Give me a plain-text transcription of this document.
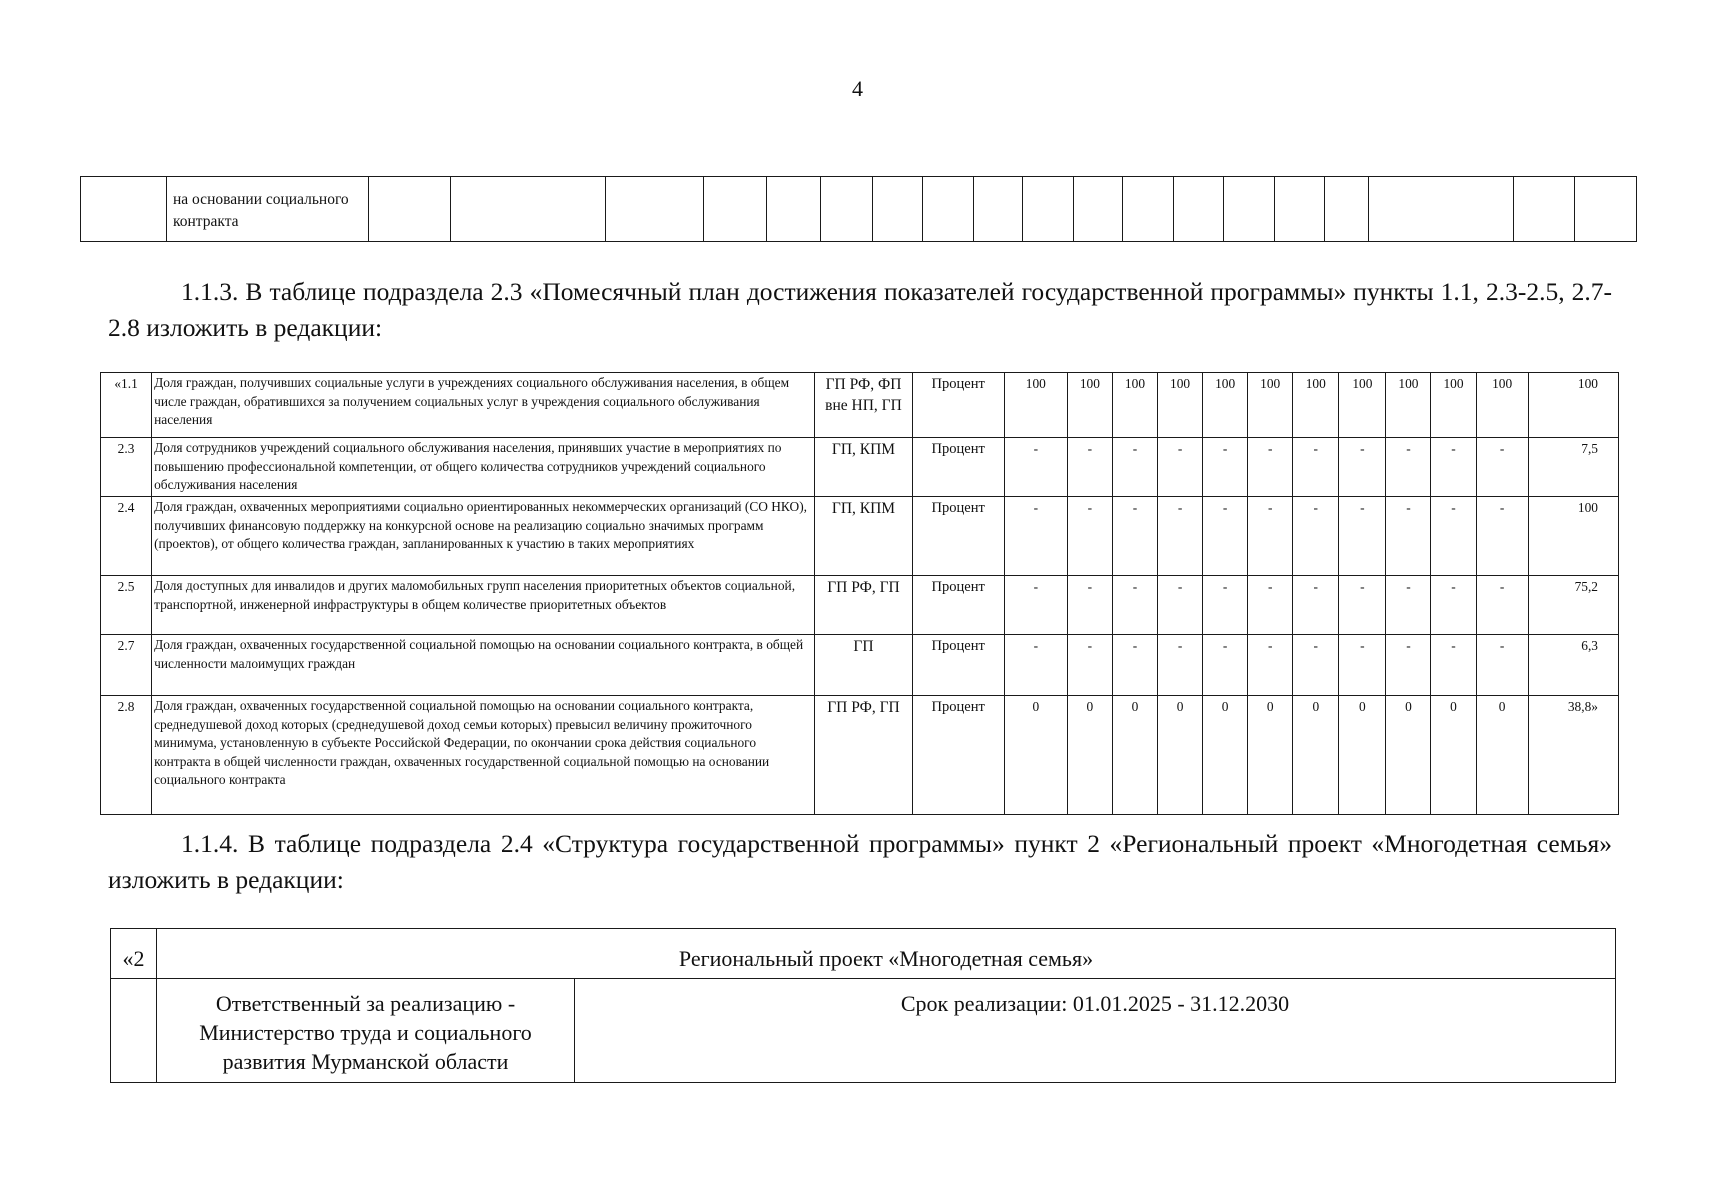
4

на основании социального контракта

1.1.3. В таблице подраздела 2.3 «Помесячный план достижения показателей государственной программы» пункты 1.1, 2.3-2.5, 2.7-2.8 изложить в редакции:
«1.1	Доля граждан, получивших социальные услуги в учреждениях социального обслуживания населения, в общем числе граждан, обратившихся за получением социальных услуг в учреждения социального обслуживания населения	ГП РФ, ФП вне НП, ГП	Процент	100	100	100	100	100	100	100	100	100	100	100	100
2.3	Доля сотрудников учреждений социального обслуживания населения, принявших участие в мероприятиях по повышению профессиональной компетенции, от общего количества сотрудников учреждений социального обслуживания населения	ГП, КПМ	Процент	-	-	-	-	-	-	-	-	-	-	-	7,5
2.4	Доля граждан, охваченных мероприятиями социально ориентированных некоммерческих организаций (СО НКО), получивших финансовую поддержку на конкурсной основе на реализацию социально значимых программ (проектов), от общего количества граждан, запланированных к участию в таких мероприятиях	ГП, КПМ	Процент	-	-	-	-	-	-	-	-	-	-	-	100
2.5	Доля доступных для инвалидов и других маломобильных групп населения приоритетных объектов социальной, транспортной, инженерной инфраструктуры в общем количестве приоритетных объектов	ГП РФ, ГП	Процент	-	-	-	-	-	-	-	-	-	-	-	75,2
2.7	Доля граждан, охваченных государственной социальной помощью на основании социального контракта, в общей численности малоимущих граждан	ГП	Процент	-	-	-	-	-	-	-	-	-	-	-	6,3
2.8	Доля граждан, охваченных государственной социальной помощью на основании социального контракта, среднедушевой доход которых (среднедушевой доход семьи которых) превысил величину прожиточного минимума, установленную в субъекте Российской Федерации, по окончании срока действия социального контракта в общей численности граждан, охваченных государственной социальной помощью на основании социального контракта	ГП РФ, ГП	Процент	0	0	0	0	0	0	0	0	0	0	0	38,8»
1.1.4. В таблице подраздела 2.4 «Структура государственной программы» пункт 2 «Региональный проект «Многодетная семья» изложить в редакции:
«2	Региональный проект «Многодетная семья»	
	Ответственный за реализацию - Министерство труда и социального развития Мурманской области	Срок реализации: 01.01.2025 - 31.12.2030
